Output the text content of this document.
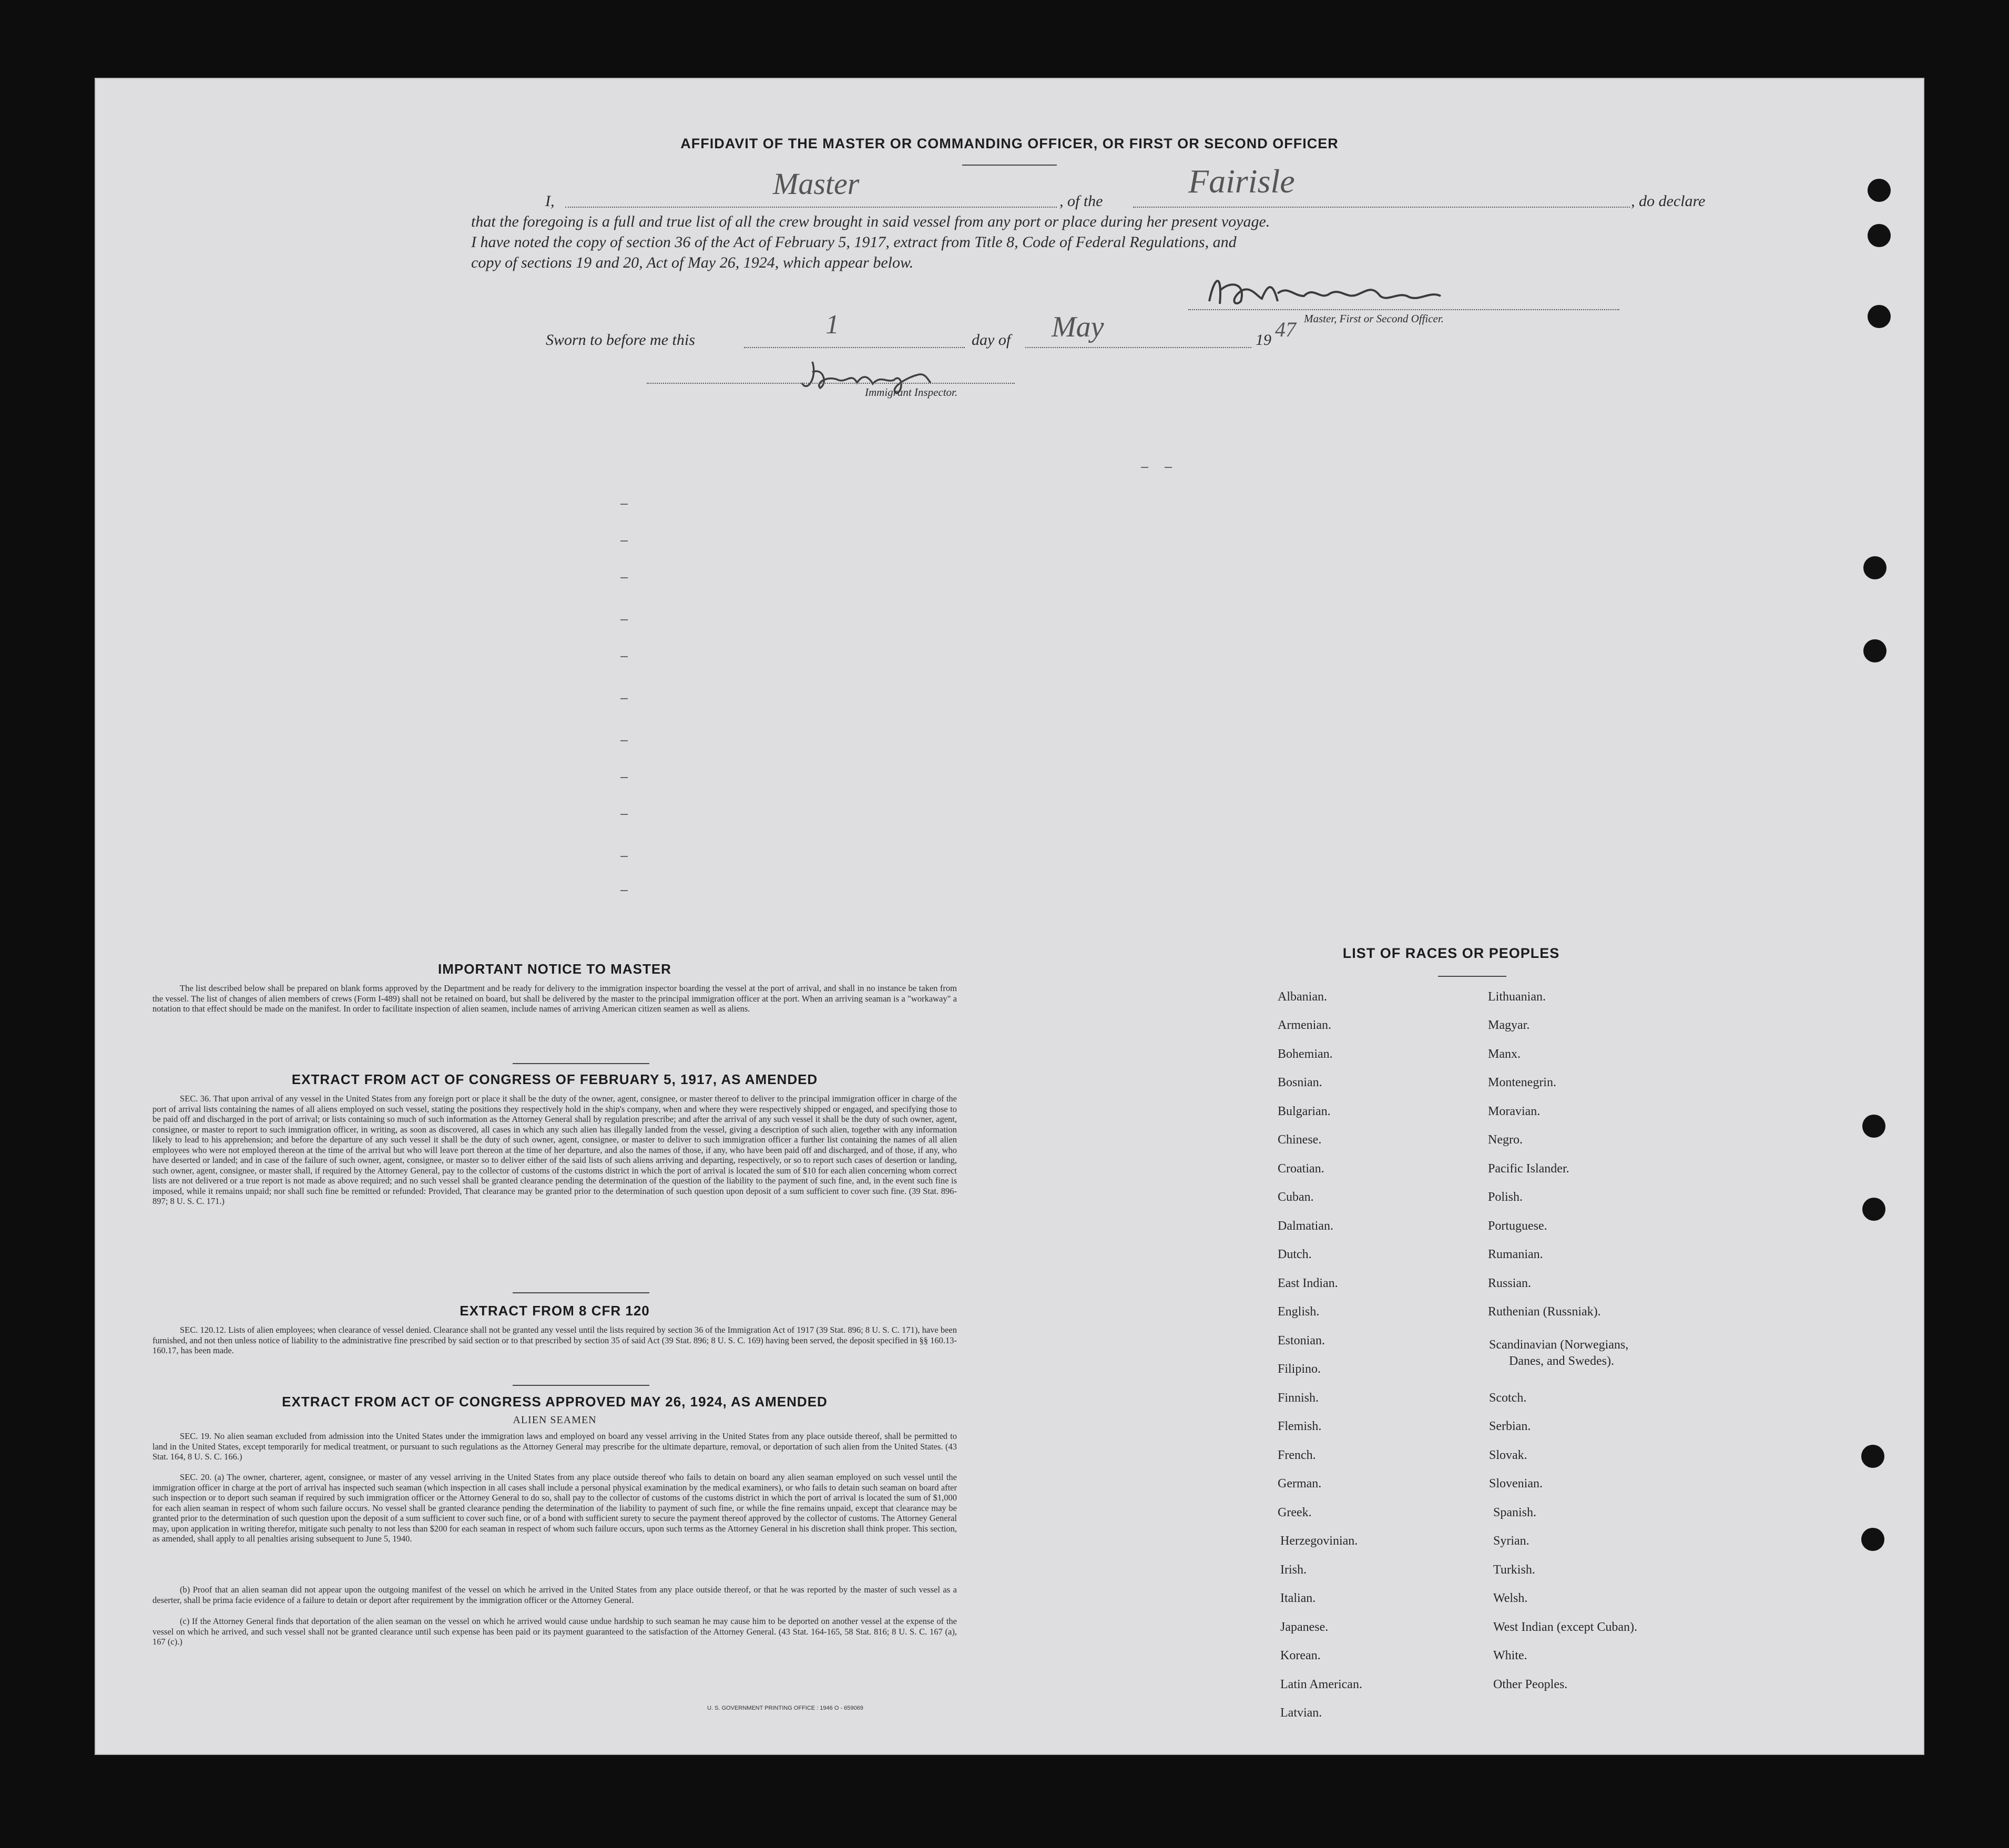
AFFIDAVIT OF THE MASTER OR COMMANDING OFFICER, OR FIRST OR SECOND OFFICER
I,
Master
, of the
Fairisle
, do declare
that the foregoing is a full and true list of all the crew brought in said vessel from any port or place during her present voyage.
I have noted the copy of section 36 of the Act of February 5, 1917, extract from Title 8, Code of Federal Regulations, and
copy of sections 19 and 20, Act of May 26, 1924, which appear below.
Master, First or Second Officer.
Sworn to before me this
1
day of May	19 47
Immigrant Inspector.
IMPORTANT NOTICE TO MASTER
The list described below shall be prepared on blank forms approved by the Department and be ready for delivery to the immigration inspector boarding the vessel at the port of arrival, and shall in no instance be taken from the vessel. The list of changes of alien members of crews (Form I-489) shall not be retained on board, but shall be delivered by the master to the principal immigration officer at the port. When an arriving seaman is a "workaway" a notation to that effect should be made on the manifest. In order to facilitate inspection of alien seamen, include names of arriving American citizen seamen as well as aliens.
EXTRACT FROM ACT OF CONGRESS OF FEBRUARY 5, 1917, AS AMENDED
SEC. 36. That upon arrival of any vessel in the United States from any foreign port or place it shall be the duty of the owner, agent, consignee, or master thereof to deliver to the principal immigration officer in charge of the port of arrival lists containing the names of all aliens employed on such vessel, stating the positions they respectively hold in the ship's company, when and where they were respectively shipped or engaged, and specifying those to be paid off and discharged in the port of arrival; or lists containing so much of such information as the Attorney General shall by regulation prescribe; and after the arrival of any such vessel it shall be the duty of such owner, agent, consignee, or master to report to such immigration officer, in writing, as soon as discovered, all cases in which any such alien has illegally landed from the vessel, giving a description of such alien, together with any information likely to lead to his apprehension; and before the departure of any such vessel it shall be the duty of such owner, agent, consignee, or master to deliver to such immigration officer a further list containing the names of all alien employees who were not employed thereon at the time of the arrival but who will leave port thereon at the time of her departure, and also the names of those, if any, who have been paid off and discharged, and of those, if any, who have deserted or landed; and in case of the failure of such owner, agent, consignee, or master so to deliver either of the said lists of such aliens arriving and departing, respectively, or so to report such cases of desertion or landing, such owner, agent, consignee, or master shall, if required by the Attorney General, pay to the collector of customs of the customs district in which the port of arrival is located the sum of $10 for each alien concerning whom correct lists are not delivered or a true report is not made as above required; and no such vessel shall be granted clearance pending the determination of the question of the liability to the payment of such fine, and, in the event such fine is imposed, while it remains unpaid; nor shall such fine be remitted or refunded: Provided, That clearance may be granted prior to the determination of such question upon deposit of a sum sufficient to cover such fine. (39 Stat. 896-897; 8 U. S. C. 171.)
EXTRACT FROM 8 CFR 120
SEC. 120.12. Lists of alien employees; when clearance of vessel denied. Clearance shall not be granted any vessel until the lists required by section 36 of the Immigration Act of 1917 (39 Stat. 896; 8 U. S. C. 171), have been furnished, and not then unless notice of liability to the administrative fine prescribed by said section or to that prescribed by section 35 of said Act (39 Stat. 896; 8 U. S. C. 169) having been served, the deposit specified in §§ 160.13-160.17, has been made.
EXTRACT FROM ACT OF CONGRESS APPROVED MAY 26, 1924, AS AMENDED
ALIEN SEAMEN
SEC. 19. No alien seaman excluded from admission into the United States under the immigration laws and employed on board any vessel arriving in the United States from any place outside thereof, shall be permitted to land in the United States, except temporarily for medical treatment, or pursuant to such regulations as the Attorney General may prescribe for the ultimate departure, removal, or deportation of such alien from the United States. (43 Stat. 164, 8 U. S. C. 166.)
SEC. 20. (a) The owner, charterer, agent, consignee, or master of any vessel arriving in the United States from any place outside thereof who fails to detain on board any alien seaman employed on such vessel until the immigration officer in charge at the port of arrival has inspected such seaman (which inspection in all cases shall include a personal physical examination by the medical examiners), or who fails to detain such seaman on board after such inspection or to deport such seaman if required by such immigration officer or the Attorney General to do so, shall pay to the collector of customs of the customs district in which the port of arrival is located the sum of $1,000 for each alien seaman in respect of whom such failure occurs. No vessel shall be granted clearance pending the determination of the liability to payment of such fine, or while the fine remains unpaid, except that clearance may be granted prior to the determination of such question upon the deposit of a sum sufficient to cover such fine, or of a bond with sufficient surety to secure the payment thereof approved by the collector of customs. The Attorney General may, upon application in writing therefor, mitigate such penalty to not less than $200 for each seaman in respect of whom such failure occurs, upon such terms as the Attorney General in his discretion shall think proper. This section, as amended, shall apply to all penalties arising subsequent to June 5, 1940.
(b) Proof that an alien seaman did not appear upon the outgoing manifest of the vessel on which he arrived in the United States from any place outside thereof, or that he was reported by the master of such vessel as a deserter, shall be prima facie evidence of a failure to detain or deport after requirement by the immigration officer or the Attorney General.
(c) If the Attorney General finds that deportation of the alien seaman on the vessel on which he arrived would cause undue hardship to such seaman he may cause him to be deported on another vessel at the expense of the vessel on which he arrived, and such vessel shall not be granted clearance until such expense has been paid or its payment guaranteed to the satisfaction of the Attorney General. (43 Stat. 164-165, 58 Stat. 816; 8 U. S. C. 167 (a), 167 (c).)
U. S. GOVERNMENT PRINTING OFFICE : 1946 O - 659069
LIST OF RACES OR PEOPLES
Albanian.
Armenian.
Bohemian.
Bosnian.
Bulgarian.
Chinese.
Croatian.
Cuban.
Dalmatian.
Dutch.
East Indian.
English.
Estonian.
Filipino.
Finnish.
Flemish.
French.
German.
Greek.
Herzegovinian.
Irish.
Italian.
Japanese.
Korean.
Latin American.
Latvian.
Lithuanian.
Magyar.
Manx.
Montenegrin.
Moravian.
Negro.
Pacific Islander.
Polish.
Portuguese.
Rumanian.
Russian.
Ruthenian (Russniak).
Scandinavian (Norwegians,
Danes, and Swedes).
Scotch.
Serbian.
Slovak.
Slovenian.
Spanish.
Syrian.
Turkish.
Welsh.
West Indian (except Cuban).
White.
Other Peoples.
